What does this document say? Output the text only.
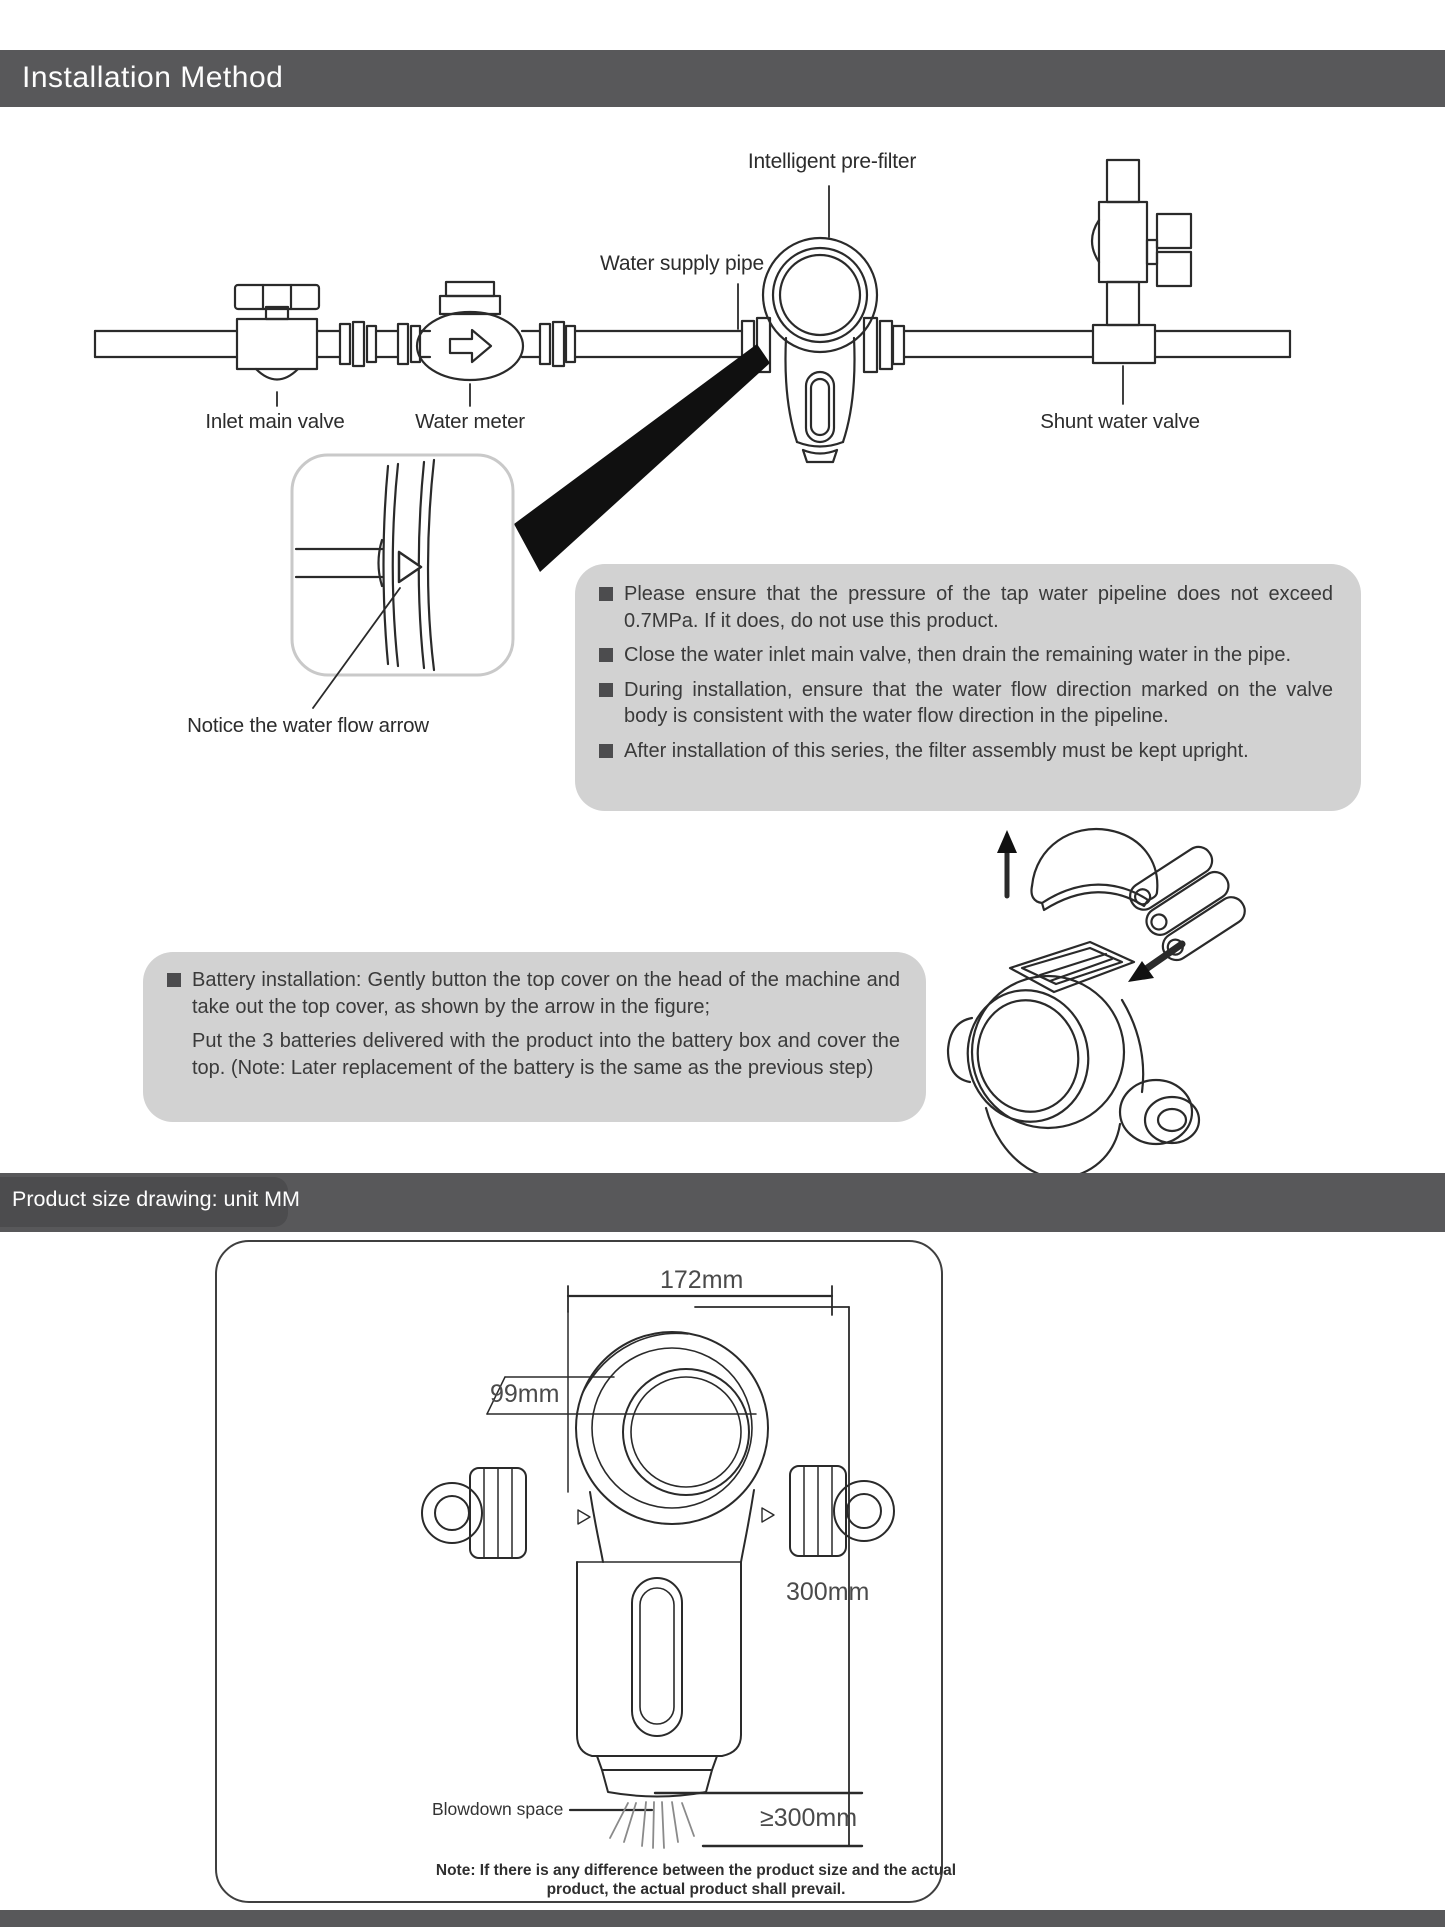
Installation Method
Product size drawing: unit MM
Intelligent pre-filter
Water supply pipe
Inlet main valve	Water meter	Shunt water valve
Notice the water flow arrow
Please ensure that the pressure of the tap water pipeline does not exceed 0.7MPa. If it does, do not use this product.
Close the water inlet main valve, then drain the remaining water in the pipe.
During installation, ensure that the water flow direction marked on the valve body is consistent with the water flow direction in the pipeline.
After installation of this series, the filter assembly must be kept upright.
Battery installation: Gently button the top cover on the head of the machine and take out the top cover, as shown by the arrow in the figure;
Put the 3 batteries delivered with the product into the battery box and cover the top. (Note: Later replacement of the battery is the same as the previous step)
172mm
99mm
300mm
≥300mm
Blowdown space
Note: If there is any difference between the product size and the actual
product, the actual product shall prevail.
